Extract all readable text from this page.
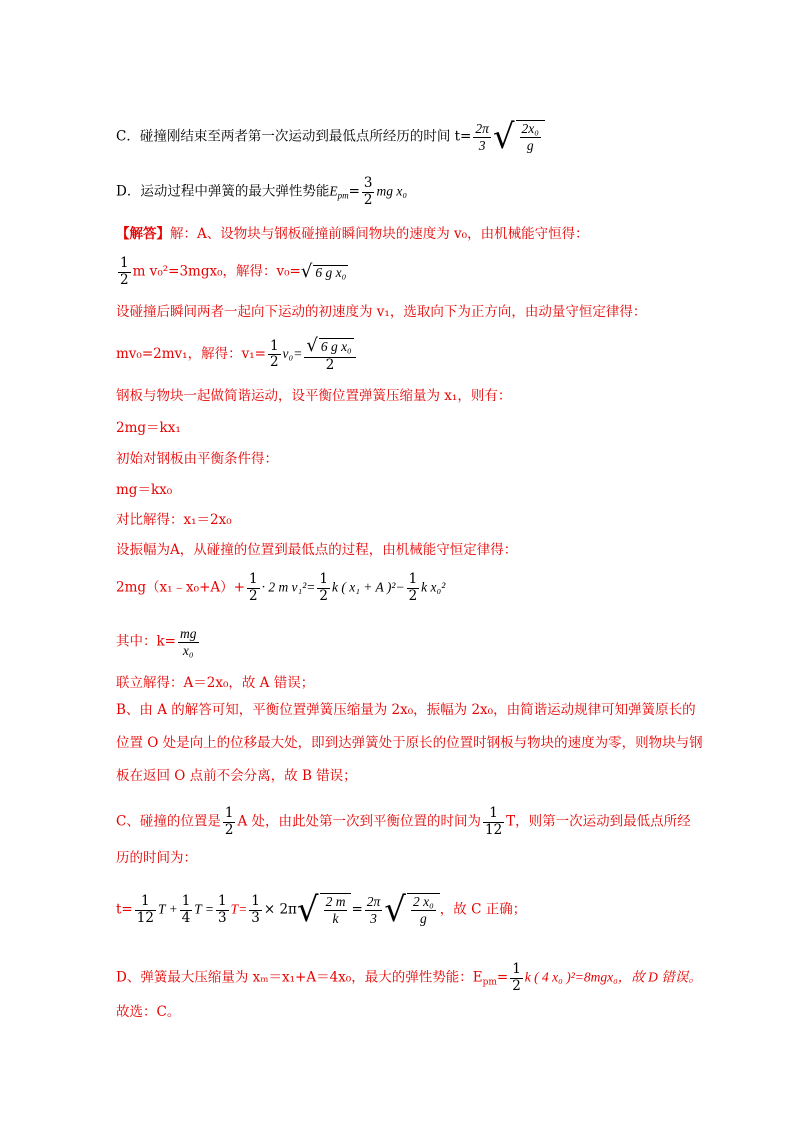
C．碰撞刚结束至两者第一次运动到最低点所经历的时间 $t= \frac{2\pi}{3}$ √ $\frac{\text{2x₀}}{g}$
D．运动过程中弹簧的最大弹性势能$E_{pm}= \frac{3}{2}$ mg x₀
【解答】解：A、设物块与钢板碰撞前瞬间物块的速度为 v₀，由机械能守恒得：
$\frac{1}{2}$ m v₀²=3mgx₀，解得：v₀=√ 6 g x₀
设碰撞后瞬间两者一起向下运动的初速度为 v₁，选取向下为正方向，由动量守恒定律得：
mv₀=2mv₁，解得：$v_1= \frac{1}{2} v_0= \frac{\text{√ 6 g x₀}}{2}$
钢板与物块一起做简谐运动，设平衡位置弹簧压缩量为 x₁，则有：
2mg＝kx₁
初始对钢板由平衡条件得：
mg＝kx₀
对比解得：x₁＝2x₀
设振幅为A，从碰撞的位置到最低点的过程，由机械能守恒定律得：
2mg（x₁﹣x₀+A）+ $\frac{1}{2} \cdot 2$ m $v_1^2= \frac{1}{2}$ k ( x₁ + A )$^2- \frac{1}{2}$ k x₀²
其中：$k= \frac{mg}{\text{x₀}}$
联立解得：A＝2x₀，故 A 错误；
B、由 A 的解答可知，平衡位置弹簧压缩量为 2x₀，振幅为 2x₀，由简谐运动规律可知弹簧原长的位置 O 处是向上的位移最大处，即到达弹簧处于原长的位置时钢板与物块的速度为零，则物块与钢板在返回 O 点前不会分离，故 B 错误；
C、碰撞的位置是 $\frac{1}{2}$ A 处，由此处第一次到平衡位置的时间为 $\frac{1}{12}$ T，则第一次运动到最低点所经
历的时间为：
$t= \frac{1}{12}$ $T + \frac{1}{4}$ $T = \frac{1}{3} T= \frac{1}{3} \times 2\pi√ \frac{2 m}{k} = \frac{2\pi}{3}$ √ $\frac{\text{2 x₀}}{g}$ ，故 C 正确；
D、弹簧最大压缩量为 xₘ＝x₁+A＝4x₀，最大的弹性势能：$E_{pm}= \frac{1}{2}$ k ( 4 x₀ )²=8mgx₀，故 D 错误。
故选：C。
